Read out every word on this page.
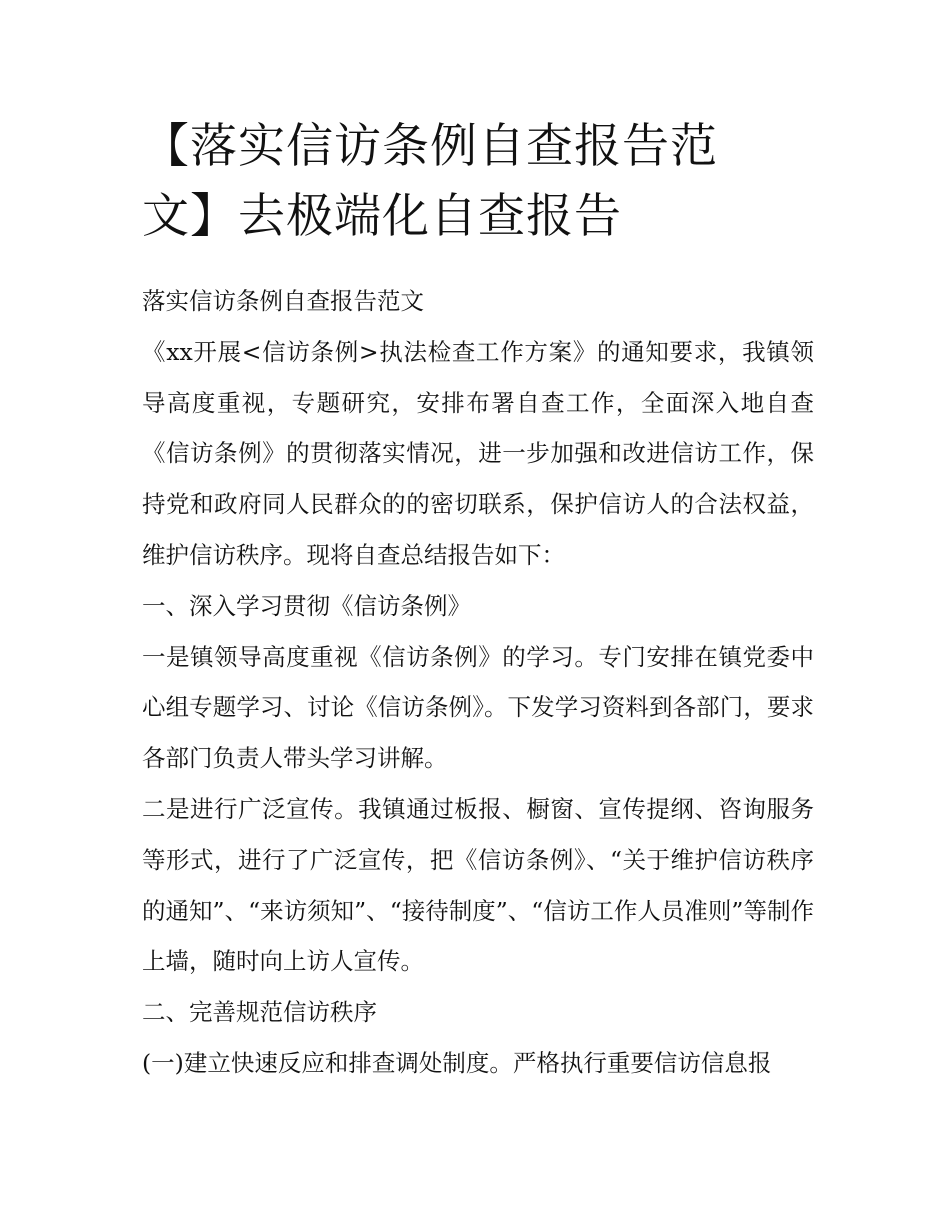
【落实信访条例自查报告范文】去极端化自查报告

落实信访条例自查报告范文

《xx开展<信访条例>执法检查工作方案》的通知要求，我镇领导高度重视，专题研究，安排布署自查工作，全面深入地自查《信访条例》的贯彻落实情况，进一步加强和改进信访工作，保持党和政府同人民群众的的密切联系，保护信访人的合法权益，维护信访秩序。现将自查总结报告如下：

一、深入学习贯彻《信访条例》

一是镇领导高度重视《信访条例》的学习。专门安排在镇党委中心组专题学习、讨论《信访条例》。下发学习资料到各部门，要求各部门负责人带头学习讲解。

二是进行广泛宣传。我镇通过板报、橱窗、宣传提纲、咨询服务等形式，进行了广泛宣传，把《信访条例》、“关于维护信访秩序的通知”、“来访须知”、“接待制度”、“信访工作人员准则”等制作上墙，随时向上访人宣传。

二、完善规范信访秩序

(一)建立快速反应和排查调处制度。严格执行重要信访信息报
